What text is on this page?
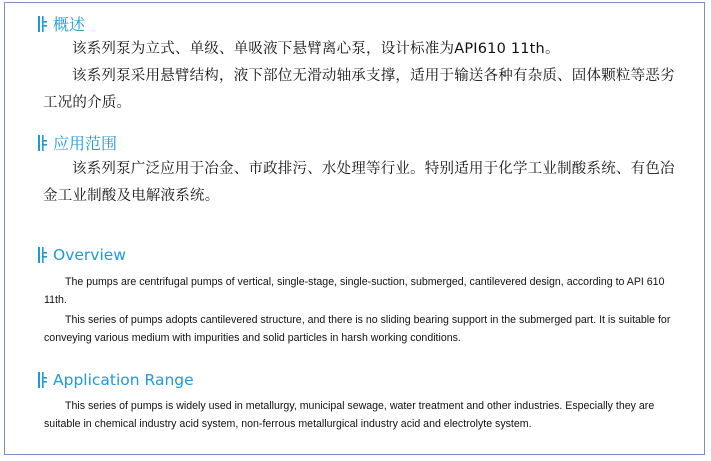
概述

该系列泵为立式、单级、单吸液下悬臂离心泵，设计标准为API610 11th。

该系列泵采用悬臂结构，液下部位无滑动轴承支撑，适用于输送各种有杂质、固体颗粒等恶劣工况的介质。

应用范围

该系列泵广泛应用于冶金、市政排污、水处理等行业。特别适用于化学工业制酸系统、有色冶金工业制酸及电解液系统。

Overview

The pumps are centrifugal pumps of vertical, single-stage, single-suction, submerged, cantilevered design, according to API 610 11th.

This series of pumps adopts cantilevered structure, and there is no sliding bearing support in the submerged part. It is suitable for conveying various medium with impurities and solid particles in harsh working conditions.

Application Range

This series of pumps is widely used in metallurgy, municipal sewage, water treatment and other industries. Especially they are suitable in chemical industry acid system, non-ferrous metallurgical industry acid and electrolyte system.
